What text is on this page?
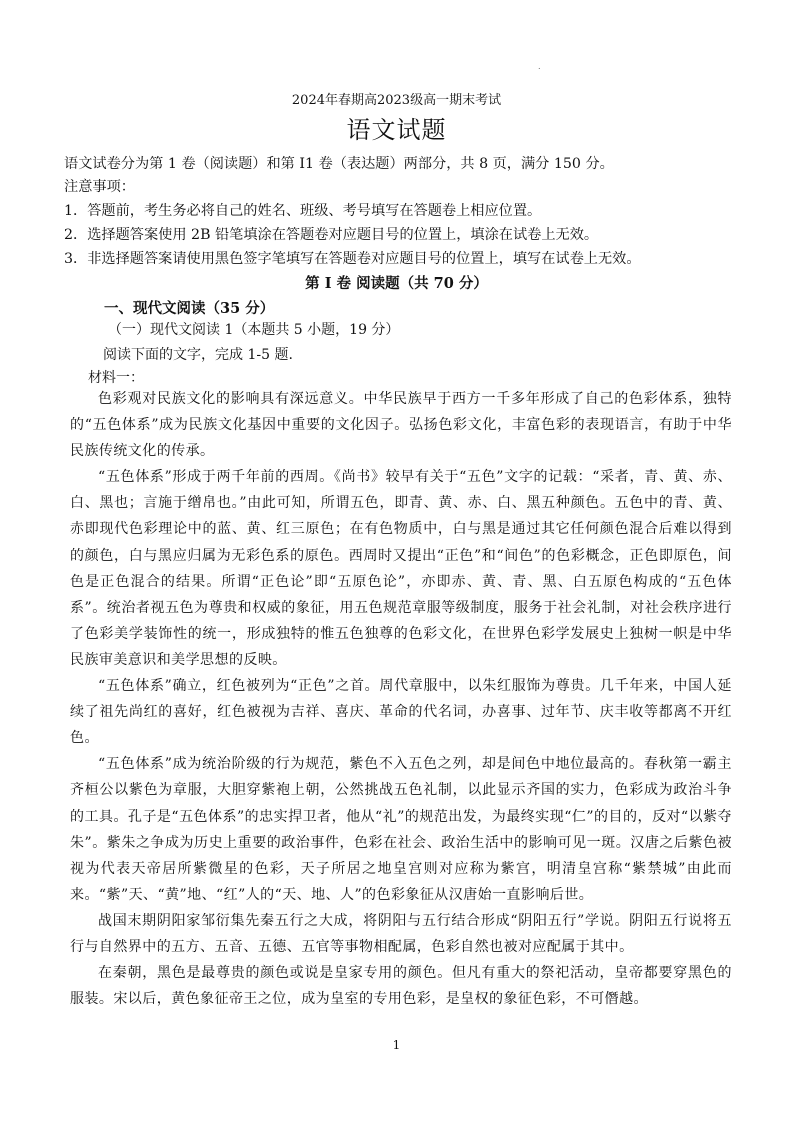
.
2024年春期高2023级高一期末考试
语文试题
语文试卷分为第 1 卷（阅读题）和第 I1 卷（表达题）两部分，共 8 页，满分 150 分。
注意事项：
1．答题前，考生务必将自己的姓名、班级、考号填写在答题卷上相应位置。
2．选择题答案使用 2B 铅笔填涂在答题卷对应题目号的位置上，填涂在试卷上无效。
3．非选择题答案请使用黑色签字笔填写在答题卷对应题目号的位置上，填写在试卷上无效。
第 I 卷 阅读题（共 70 分）
一、现代文阅读（35 分）
（一）现代文阅读 1（本题共 5 小题，19 分）
阅读下面的文字，完成 1-5 题.
材料一：

色彩观对民族文化的影响具有深远意义。中华民族早于西方一千多年形成了自己的色彩体系，独特的“五色体系”成为民族文化基因中重要的文化因子。弘扬色彩文化，丰富色彩的表现语言，有助于中华民族传统文化的传承。

“五色体系”形成于两千年前的西周。《尚书》较早有关于“五色”文字的记载：“采者，青、黄、赤、白、黑也；言施于缯帛也。”由此可知，所谓五色，即青、黄、赤、白、黑五种颜色。五色中的青、黄、赤即现代色彩理论中的蓝、黄、红三原色；在有色物质中，白与黑是通过其它任何颜色混合后难以得到的颜色，白与黑应归属为无彩色系的原色。西周时又提出“正色”和“间色”的色彩概念，正色即原色，间色是正色混合的结果。所谓“正色论”即“五原色论”，亦即赤、黄、青、黑、白五原色构成的“五色体系”。统治者视五色为尊贵和权威的象征，用五色规范章服等级制度，服务于社会礼制，对社会秩序进行了色彩美学装饰性的统一，形成独特的惟五色独尊的色彩文化，在世界色彩学发展史上独树一帜是中华民族审美意识和美学思想的反映。

“五色体系”确立，红色被列为“正色”之首。周代章服中，以朱红服饰为尊贵。几千年来，中国人延续了祖先尚红的喜好，红色被视为吉祥、喜庆、革命的代名词，办喜事、过年节、庆丰收等都离不开红色。

“五色体系”成为统治阶级的行为规范，紫色不入五色之列，却是间色中地位最高的。春秋第一霸主齐桓公以紫色为章服，大胆穿紫袍上朝，公然挑战五色礼制，以此显示齐国的实力，色彩成为政治斗争的工具。孔子是“五色体系”的忠实捍卫者，他从“礼”的规范出发，为最终实现“仁”的目的，反对“以紫夺朱”。紫朱之争成为历史上重要的政治事件，色彩在社会、政治生活中的影响可见一斑。汉唐之后紫色被视为代表天帝居所紫微星的色彩，天子所居之地皇宫则对应称为紫宫，明清皇宫称“紫禁城”由此而来。“紫”天、“黄”地、“红”人的“天、地、人”的色彩象征从汉唐始一直影响后世。

战国末期阴阳家邹衍集先秦五行之大成，将阴阳与五行结合形成“阴阳五行”学说。阴阳五行说将五行与自然界中的五方、五音、五德、五官等事物相配属，色彩自然也被对应配属于其中。

在秦朝，黑色是最尊贵的颜色或说是皇家专用的颜色。但凡有重大的祭祀活动，皇帝都要穿黑色的服装。宋以后，黄色象征帝王之位，成为皇室的专用色彩，是皇权的象征色彩，不可僭越。

1
